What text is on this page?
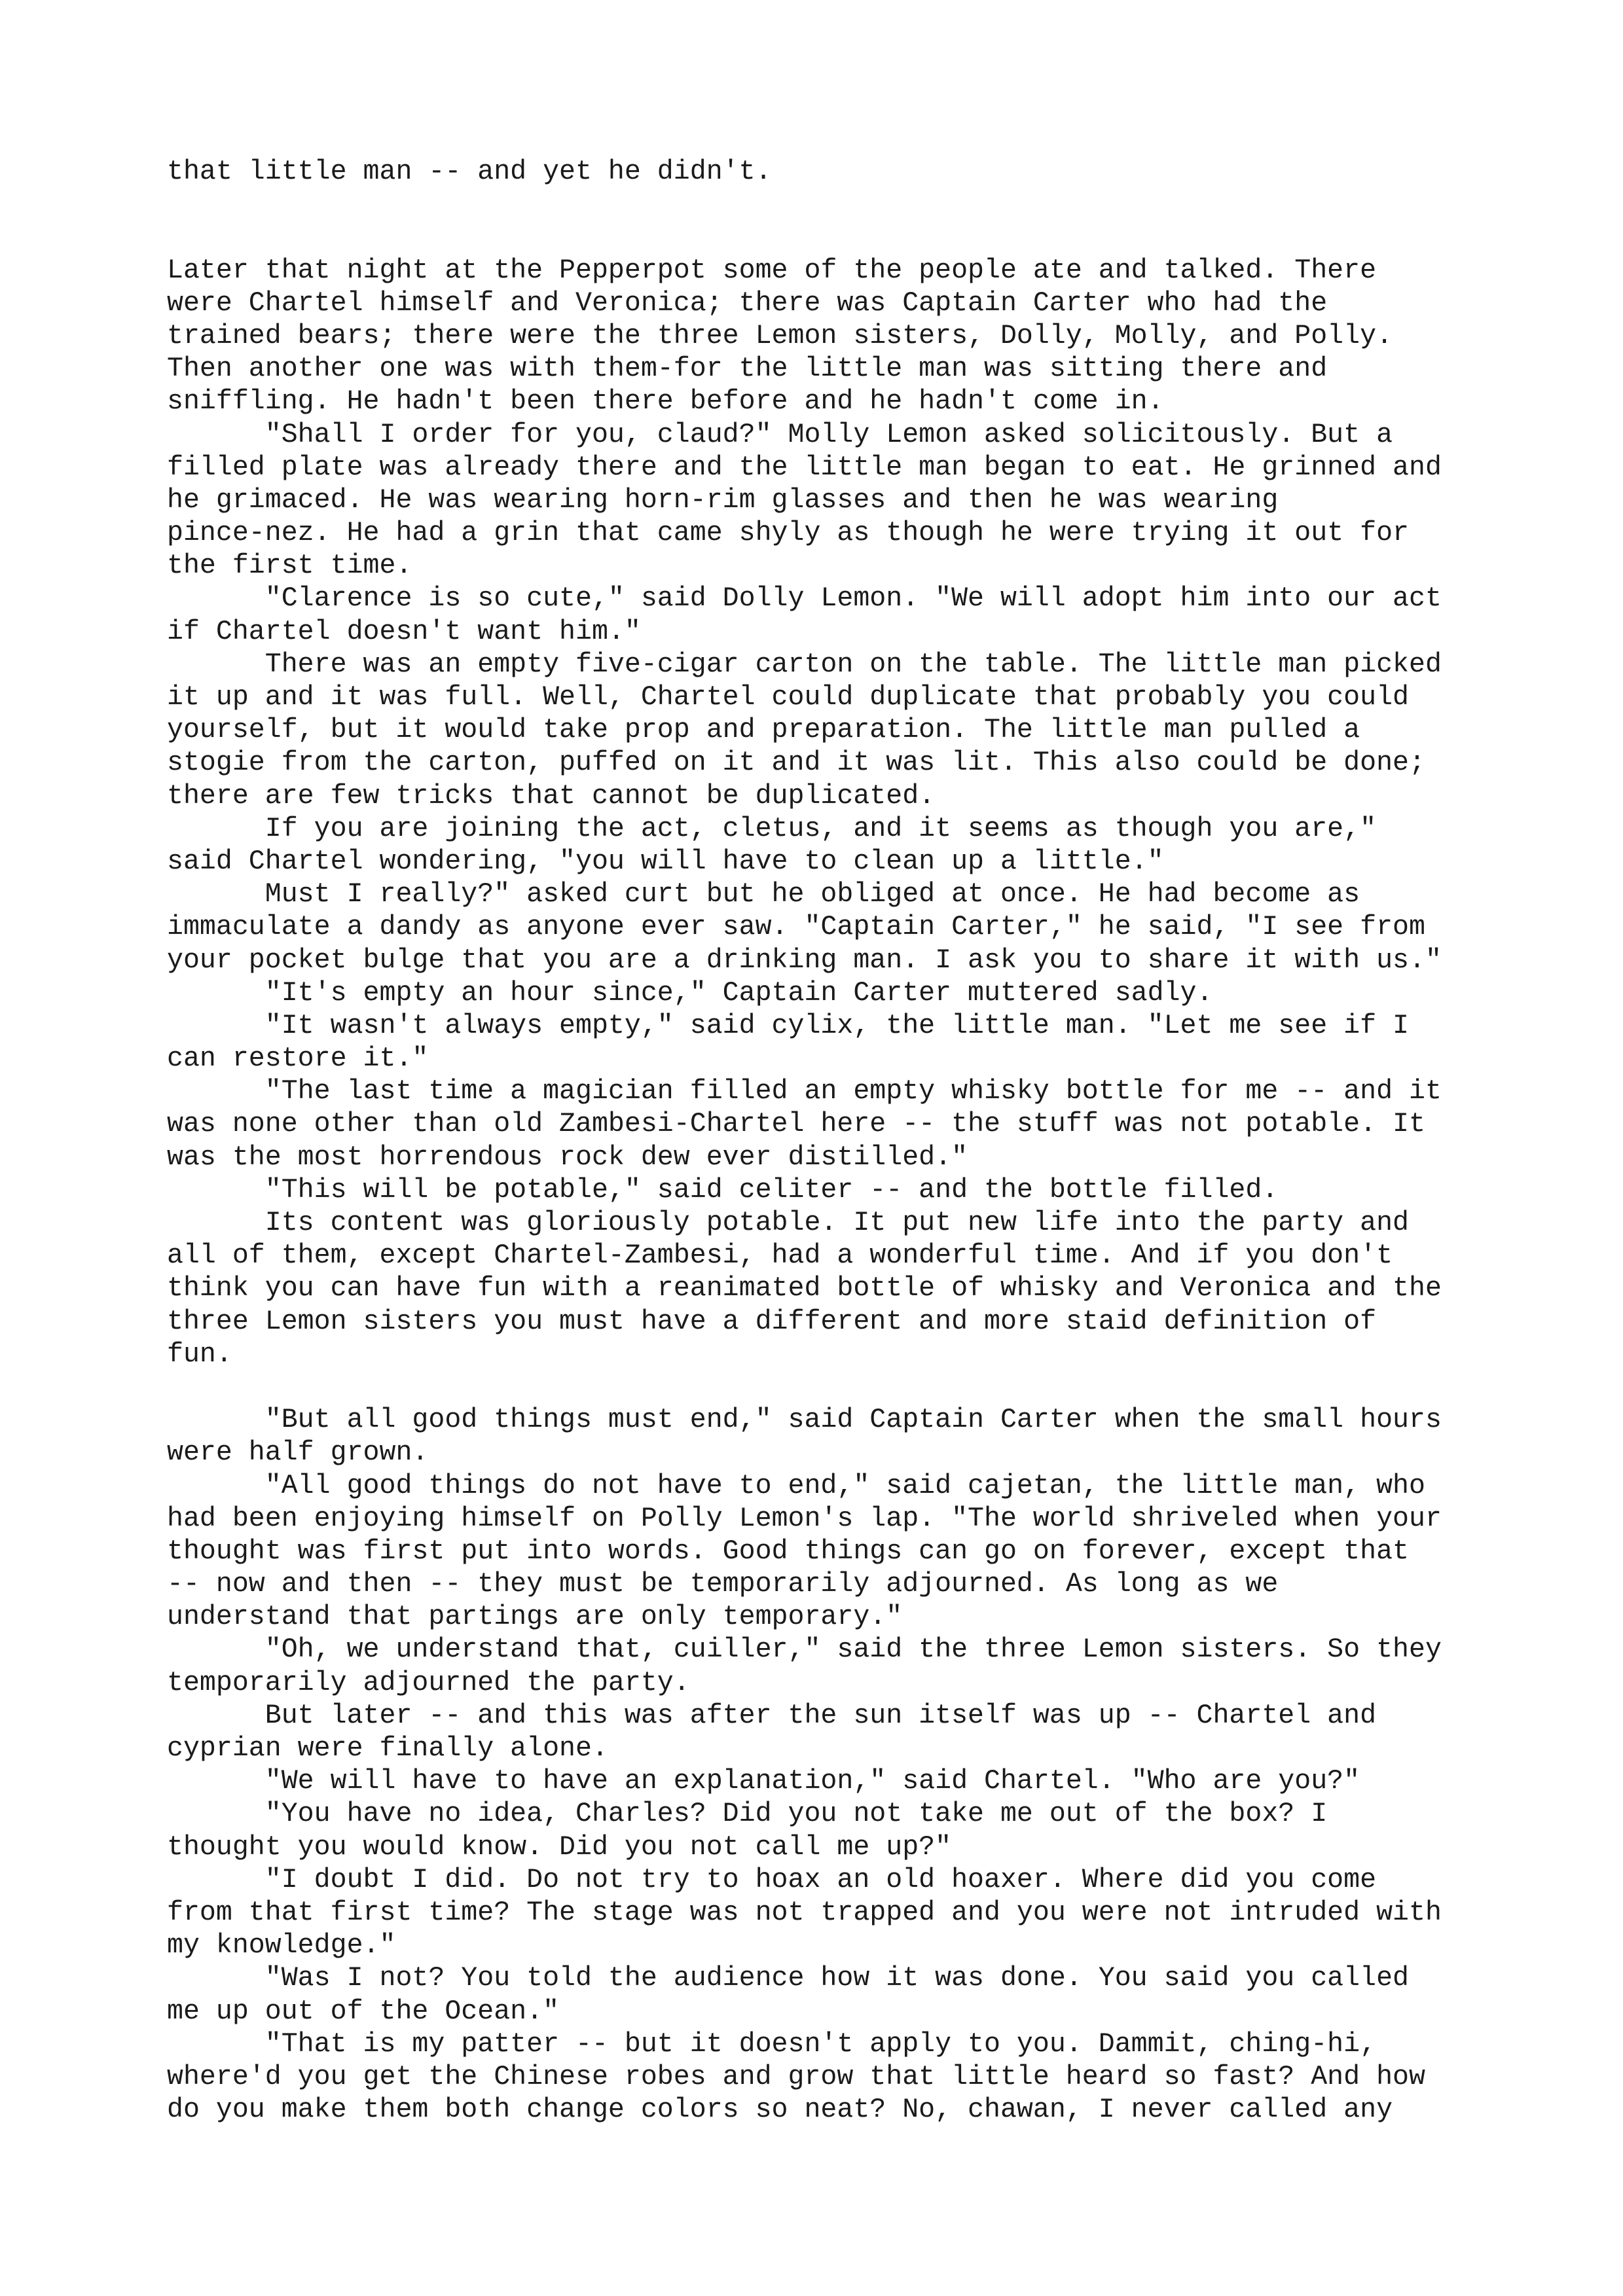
that little man -- and yet he didn't.
Later that night at the Pepperpot some of the people ate and talked. There
were Chartel himself and Veronica; there was Captain Carter who had the
trained bears; there were the three Lemon sisters, Dolly, Molly, and Polly.
Then another one was with them-for the little man was sitting there and
sniffling. He hadn't been there before and he hadn't come in.
"Shall I order for you, claud?" Molly Lemon asked solicitously. But a
filled plate was already there and the little man began to eat. He grinned and
he grimaced. He was wearing horn-rim glasses and then he was wearing
pince-nez. He had a grin that came shyly as though he were trying it out for
the first time.
"Clarence is so cute," said Dolly Lemon. "We will adopt him into our act
if Chartel doesn't want him."
There was an empty five-cigar carton on the table. The little man picked
it up and it was full. Well, Chartel could duplicate that probably you could
yourself, but it would take prop and preparation. The little man pulled a
stogie from the carton, puffed on it and it was lit. This also could be done;
there are few tricks that cannot be duplicated.
If you are joining the act, cletus, and it seems as though you are,"
said Chartel wondering, "you will have to clean up a little."
Must I really?" asked curt but he obliged at once. He had become as
immaculate a dandy as anyone ever saw. "Captain Carter," he said, "I see from
your pocket bulge that you are a drinking man. I ask you to share it with us."
"It's empty an hour since," Captain Carter muttered sadly.
"It wasn't always empty," said cylix, the little man. "Let me see if I
can restore it."
"The last time a magician filled an empty whisky bottle for me -- and it
was none other than old Zambesi-Chartel here -- the stuff was not potable. It
was the most horrendous rock dew ever distilled."
"This will be potable," said celiter -- and the bottle filled.
Its content was gloriously potable. It put new life into the party and
all of them, except Chartel-Zambesi, had a wonderful time. And if you don't
think you can have fun with a reanimated bottle of whisky and Veronica and the
three Lemon sisters you must have a different and more staid definition of
fun.
"But all good things must end," said Captain Carter when the small hours
were half grown.
"All good things do not have to end," said cajetan, the little man, who
had been enjoying himself on Polly Lemon's lap. "The world shriveled when your
thought was first put into words. Good things can go on forever, except that
-- now and then -- they must be temporarily adjourned. As long as we
understand that partings are only temporary."
"Oh, we understand that, cuiller," said the three Lemon sisters. So they
temporarily adjourned the party.
But later -- and this was after the sun itself was up -- Chartel and
cyprian were finally alone.
"We will have to have an explanation," said Chartel. "Who are you?"
"You have no idea, Charles? Did you not take me out of the box? I
thought you would know. Did you not call me up?"
"I doubt I did. Do not try to hoax an old hoaxer. Where did you come
from that first time? The stage was not trapped and you were not intruded with
my knowledge."
"Was I not? You told the audience how it was done. You said you called
me up out of the Ocean."
"That is my patter -- but it doesn't apply to you. Dammit, ching-hi,
where'd you get the Chinese robes and grow that little heard so fast? And how
do you make them both change colors so neat? No, chawan, I never called any
